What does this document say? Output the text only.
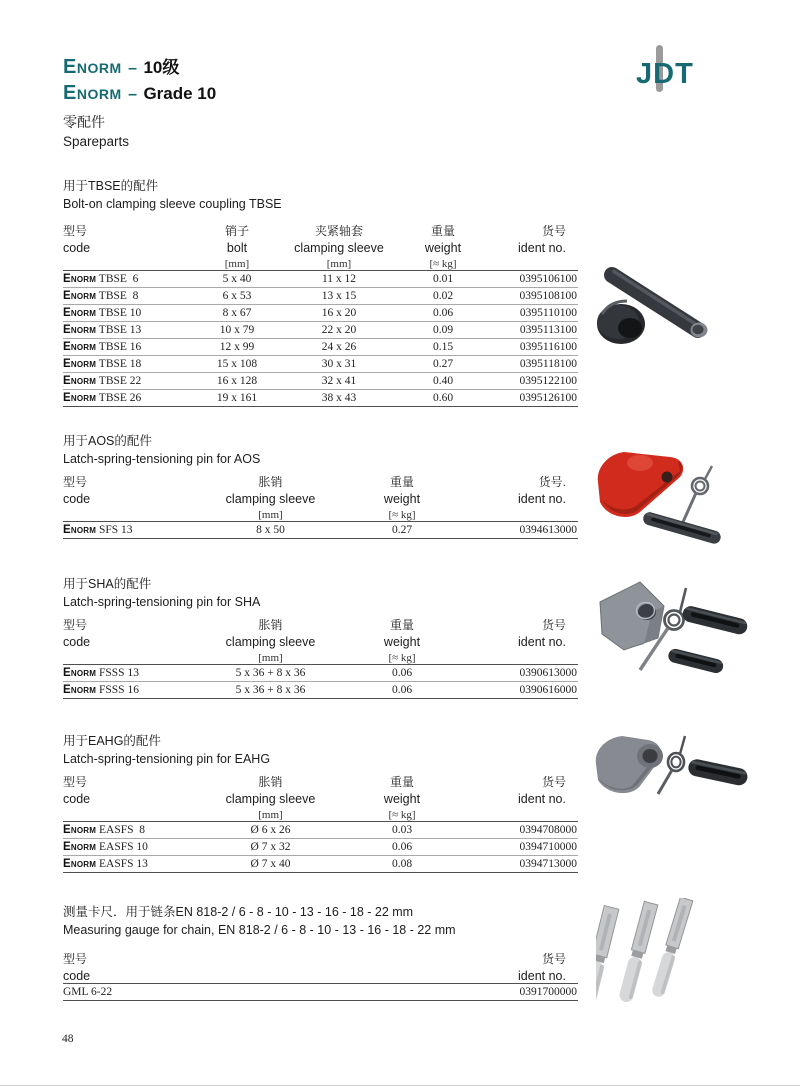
Enorm – 10级
Enorm – Grade 10
JDT
零配件
Spareparts
用于TBSE的配件
Bolt-on clamping sleeve coupling TBSE
型号	销子	夹紧轴套	重量	货号
code	bolt	clamping sleeve	weight	ident no.
	[mm]	[mm]	[≈ kg]	
Enorm TBSE  6	5 x 40	11 x 12	0.01	0395106100
Enorm TBSE  8	6 x 53	13 x 15	0.02	0395108100
Enorm TBSE 10	8 x 67	16 x 20	0.06	0395110100
Enorm TBSE 13	10 x 79	22 x 20	0.09	0395113100
Enorm TBSE 16	12 x 99	24 x 26	0.15	0395116100
Enorm TBSE 18	15 x 108	30 x 31	0.27	0395118100
Enorm TBSE 22	16 x 128	32 x 41	0.40	0395122100
Enorm TBSE 26	19 x 161	38 x 43	0.60	0395126100
用于AOS的配件
Latch-spring-tensioning pin for AOS
型号	胀销	重量	货号.
code	clamping sleeve	weight	ident no.
	[mm]	[≈ kg]	
Enorm SFS 13	8 x 50	0.27	0394613000
用于SHA的配件
Latch-spring-tensioning pin for SHA
型号	胀销	重量	货号
code	clamping sleeve	weight	ident no.
	[mm]	[≈ kg]	
Enorm FSSS 13	5 x 36 + 8 x 36	0.06	0390613000
Enorm FSSS 16	5 x 36 + 8 x 36	0.06	0390616000
用于EAHG的配件
Latch-spring-tensioning pin for EAHG
型号	胀销	重量	货号
code	clamping sleeve	weight	ident no.
	[mm]	[≈ kg]	
Enorm EASFS  8	Ø 6 x 26	0.03	0394708000
Enorm EASFS 10	Ø 7 x 32	0.06	0394710000
Enorm EASFS 13	Ø 7 x 40	0.08	0394713000
测量卡尺．用于链条EN 818-2 / 6 - 8 - 10 - 13 - 16 - 18 - 22 mm
Measuring gauge for chain, EN 818-2 / 6 - 8 - 10 - 13 - 16 - 18 - 22 mm
型号	货号
code	ident no.
GML 6-22	0391700000
48
